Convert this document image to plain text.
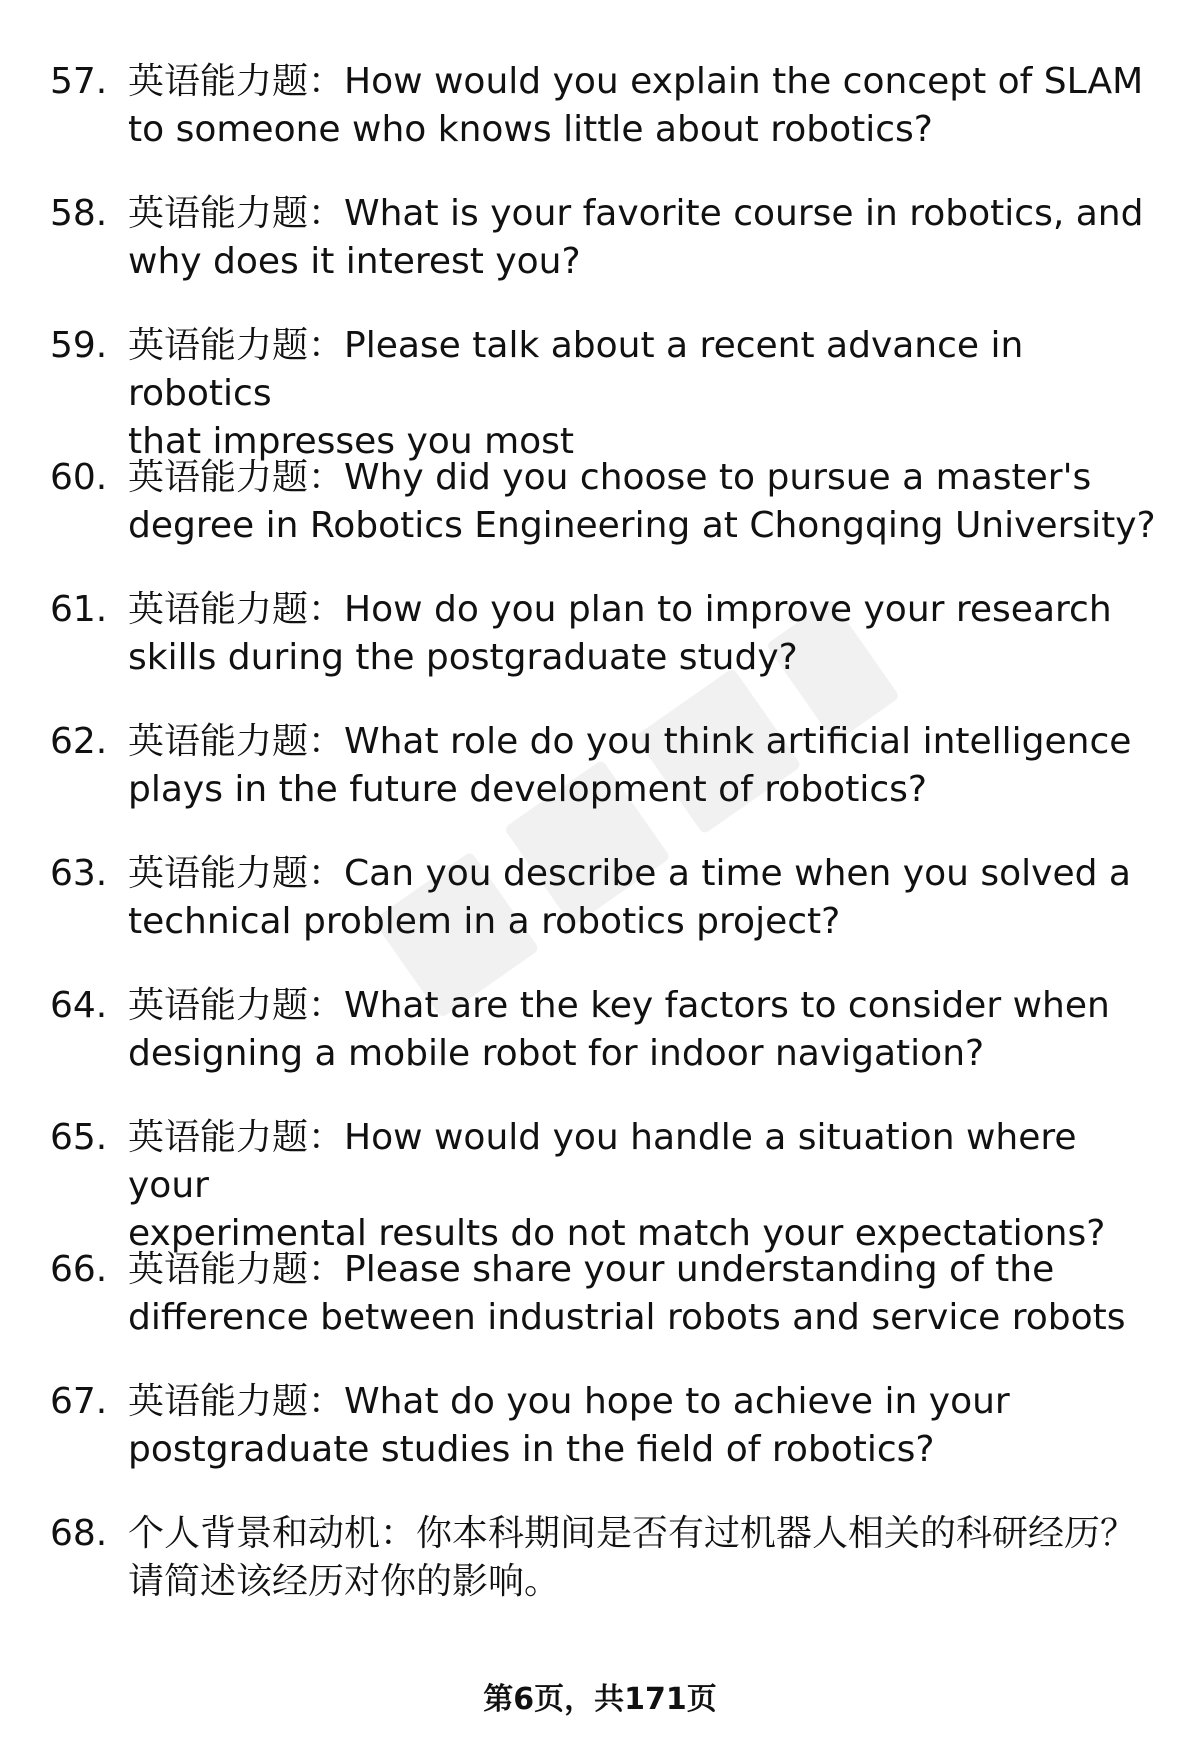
57. 英语能力题：How would you explain the concept of SLAM
to someone who knows little about robotics?
58. 英语能力题：What is your favorite course in robotics, and
why does it interest you?
59. 英语能力题：Please talk about a recent advance in robotics
that impresses you most
60. 英语能力题：Why did you choose to pursue a master's
degree in Robotics Engineering at Chongqing University?
61. 英语能力题：How do you plan to improve your research
skills during the postgraduate study?
62. 英语能力题：What role do you think artificial intelligence
plays in the future development of robotics?
63. 英语能力题：Can you describe a time when you solved a
technical problem in a robotics project?
64. 英语能力题：What are the key factors to consider when
designing a mobile robot for indoor navigation?
65. 英语能力题：How would you handle a situation where your
experimental results do not match your expectations?
66. 英语能力题：Please share your understanding of the
difference between industrial robots and service robots
67. 英语能力题：What do you hope to achieve in your
postgraduate studies in the field of robotics?
68. 个人背景和动机：你本科期间是否有过机器人相关的科研经历？
请简述该经历对你的影响。
第6页，共171页
